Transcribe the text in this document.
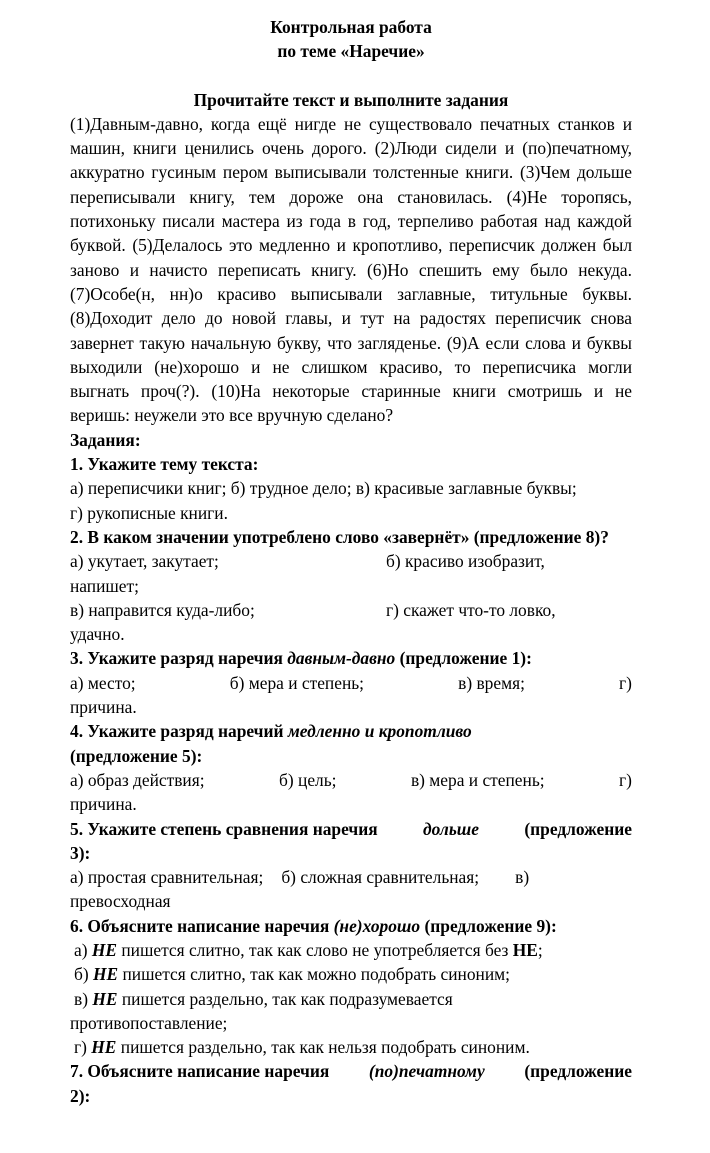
Контрольная работа

по теме «Наречие»

Прочитайте текст и выполните задания

(1)Давным-давно, когда ещё нигде не существовало печатных станков и машин, книги ценились очень дорого. (2)Люди сидели и (по)печатному, аккуратно гусиным пером выписывали толстенные книги. (3)Чем дольше переписывали книгу, тем дороже она становилась. (4)Не торопясь, потихоньку писали мастера из года в год, терпеливо работая над каждой буквой. (5)Делалось это медленно и кропотливо, переписчик должен был заново и начисто переписать книгу. (6)Но спешить ему было некуда. (7)Особе(н, нн)о красиво выписывали заглавные, титульные буквы. (8)Доходит дело до новой главы, и тут на радостях переписчик снова завернет такую начальную букву, что загляденье. (9)А если слова и буквы выходили (не)хорошо и не слишком красиво, то переписчика могли выгнать проч(?). (10)На некоторые старинные книги смотришь и не веришь: неужели это все вручную сделано?

Задания:

1. Укажите тему текста:

а) переписчики книг; б) трудное дело; в) красивые заглавные буквы;

г) рукописные книги.

2. В каком значении употреблено слово «завернёт» (предложение 8)?

а) укутает, закутает;	б) красиво изобразит,

напишет;

в) направится куда-либо;	г) скажет что-то ловко,

удачно.

3. Укажите разряд наречия давным-давно (предложение 1):

а) место;	б) мера и степень;	в) время;	г)

причина.

4. Укажите разряд наречий медленно и кропотливо

(предложение 5):

а) образ действия;	б) цель;	в) мера и степень;	г)

причина.

5. Укажите степень сравнения наречия	дольше	(предложение

3):

а) простая сравнительная; б) сложная сравнительная; в)

превосходная

6. Объясните написание наречия (не)хорошо (предложение 9):

а) НЕ пишется слитно, так как слово не употребляется без НЕ;

б) НЕ пишется слитно, так как можно подобрать синоним;

в) НЕ пишется раздельно, так как подразумевается

противопоставление;

г) НЕ пишется раздельно, так как нельзя подобрать синоним.

7. Объясните написание наречия (по)печатному (предложение

2):
